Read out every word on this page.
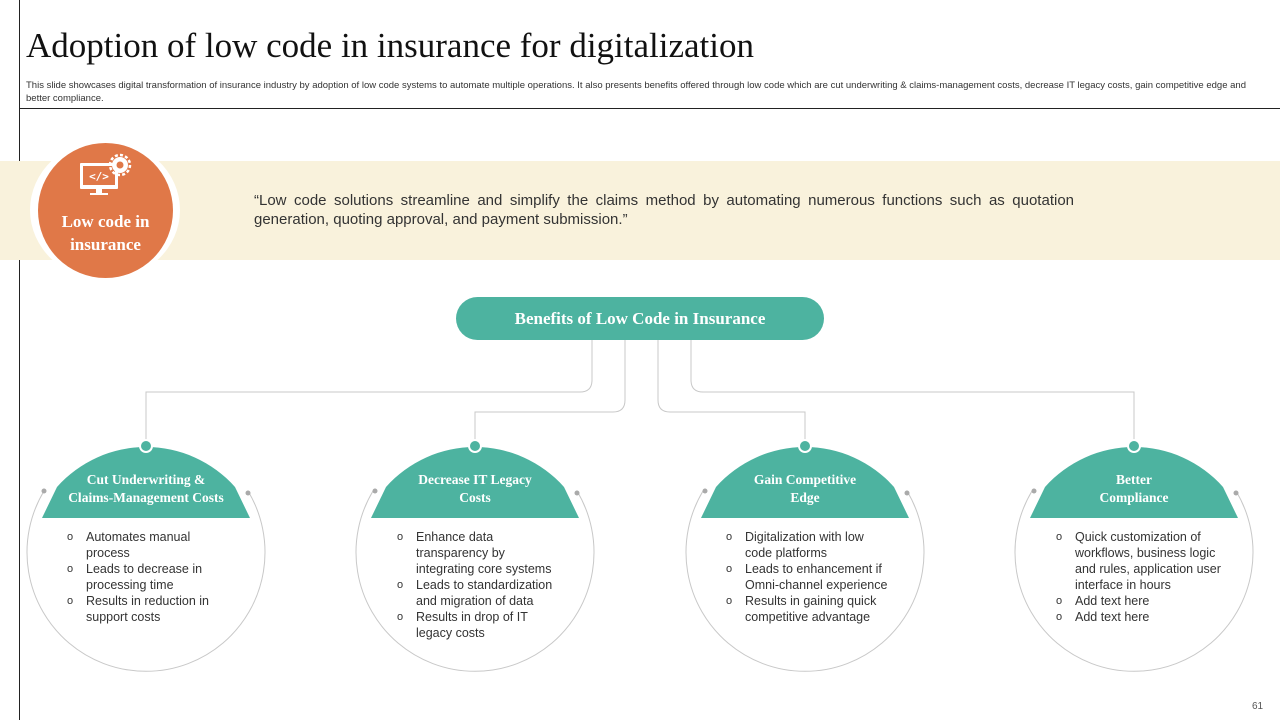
Adoption of low code in insurance for digitalization

This slide showcases digital transformation of insurance industry by adoption of low code systems to automate multiple operations. It also presents benefits offered through low code which are cut underwriting & claims-management costs, decrease IT legacy costs, gain competitive edge and better compliance.

</>
Low code in
insurance

“Low code solutions streamline and simplify the claims method by automating numerous functions such as quotation generation, quoting approval, and payment submission.”

Benefits of Low Code in Insurance
Cut Underwriting &
Claims-Management Costs
o Automates manual
process
o Leads to decrease in
processing time
o Results in reduction in
support costs
Decrease IT Legacy
Costs
o Enhance data
transparency by
integrating core systems
o Leads to standardization
and migration of data
o Results in drop of IT
legacy costs
Gain Competitive
Edge
o Digitalization with low
code platforms
o Leads to enhancement if
Omni-channel experience
o Results in gaining quick
competitive advantage
Better
Compliance
o Quick customization of
workflows, business logic
and rules, application user
interface in hours
o Add text here
o Add text here
61
